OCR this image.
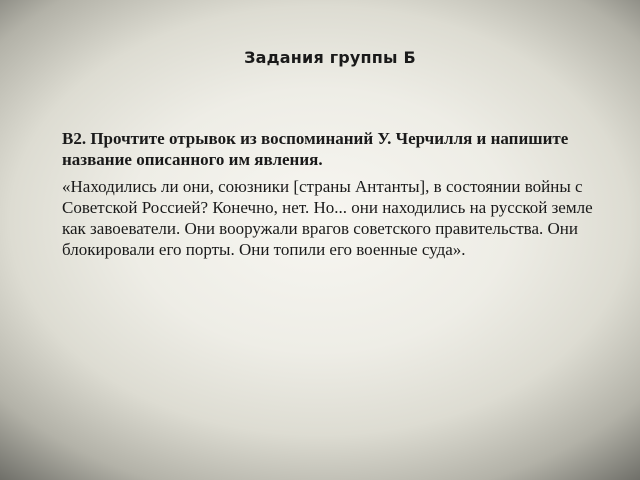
Задания группы Б
B2. Прочтите отрывок из воспоминаний У. Черчилля и напишите название описанного им явления.
«Находились ли они, союзники [страны Антанты], в состоянии войны с Советской Россией? Конечно, нет. Но... они находились на русской земле как завоеватели. Они вооружали врагов советского правительства. Они блокировали его порты. Они топили его военные суда».
